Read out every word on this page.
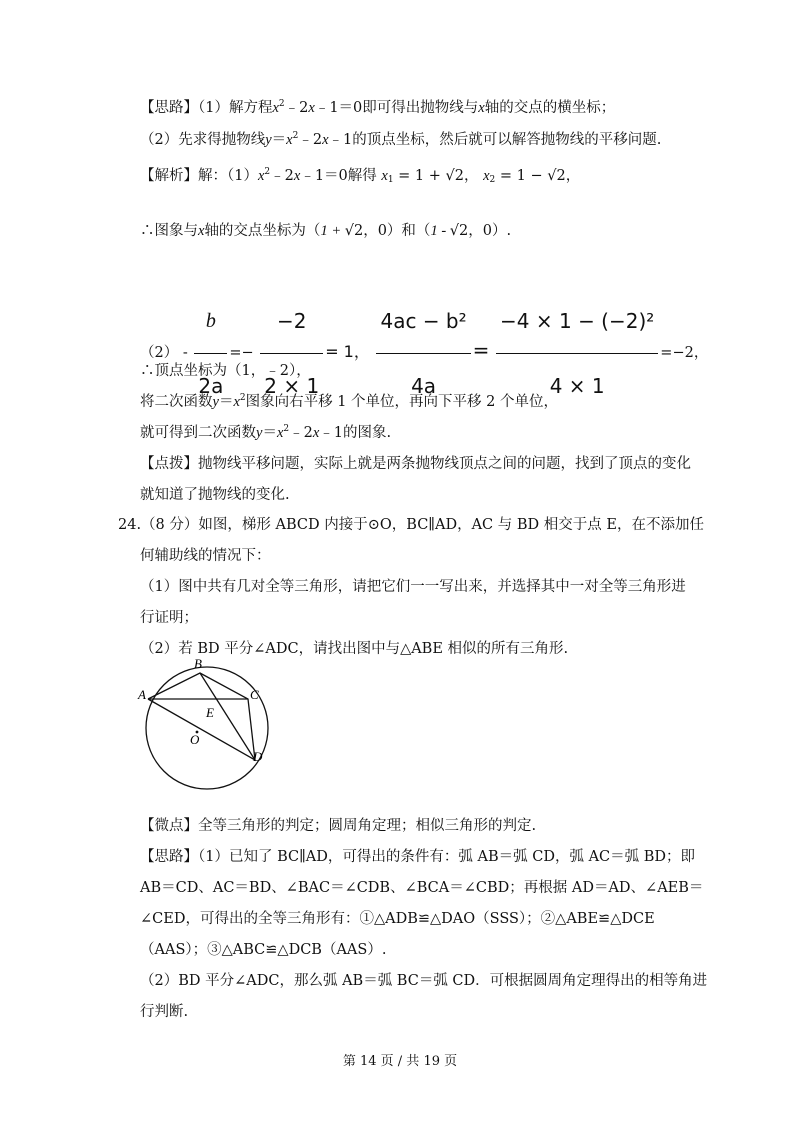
【思路】（1）解方程$x^2﹣2x﹣1=0$即可得出抛物线与x轴的交点的横坐标；
（2）先求得抛物线$y=x^2﹣2x﹣1$的顶点坐标，然后就可以解答抛物线的平移问题.
【解析】解：$(1)x^2﹣2x﹣1=0$解得 $x_1 = 1 + √2$， $x_2 = 1 - √2$，
∴图象与x轴的交点坐标为（1 + √2，0）和（1 - √2，0）.
$(2) - \frac{b}{2a} =- \frac{-2}{2 \times 1} = 1$， $\frac{\text{4ac − b²}}{4a} = \frac{\text{−4 × 1 − (−2)²}}{4 \times 1} =-2$，
∴顶点坐标为（1，﹣2），
将二次函数$y=x^2$图象向右平移 1 个单位，再向下平移 2 个单位，
就可得到二次函数$y=x^2﹣2x﹣1$的图象.
【点拨】抛物线平移问题，实际上就是两条抛物线顶点之间的问题，找到了顶点的变化
就知道了抛物线的变化.
24.（8 分）如图，梯形 ABCD 内接于⊙O，BC∥AD，AC 与 BD 相交于点 E，在不添加任
何辅助线的情况下：
（1）图中共有几对全等三角形，请把它们一一写出来，并选择其中一对全等三角形进
行证明；
（2）若 BD 平分∠ADC，请找出图中与△ABE 相似的所有三角形.
A
B
C
D
E
O
【微点】全等三角形的判定；圆周角定理；相似三角形的判定.
【思路】（1）已知了 BC∥AD，可得出的条件有：弧 AB＝弧 CD，弧 AC＝弧 BD；即
AB＝CD、AC＝BD、∠BAC＝∠CDB、∠BCA＝∠CBD；再根据 AD＝AD、∠AEB＝
∠CED，可得出的全等三角形有：①△ADB≌△DAO（SSS）；②△ABE≌△DCE
（AAS）；③△ABC≌△DCB（AAS）.
（2）BD 平分∠ADC，那么弧 AB＝弧 BC＝弧 CD．可根据圆周角定理得出的相等角进
行判断.
第 14 页 / 共 19 页
